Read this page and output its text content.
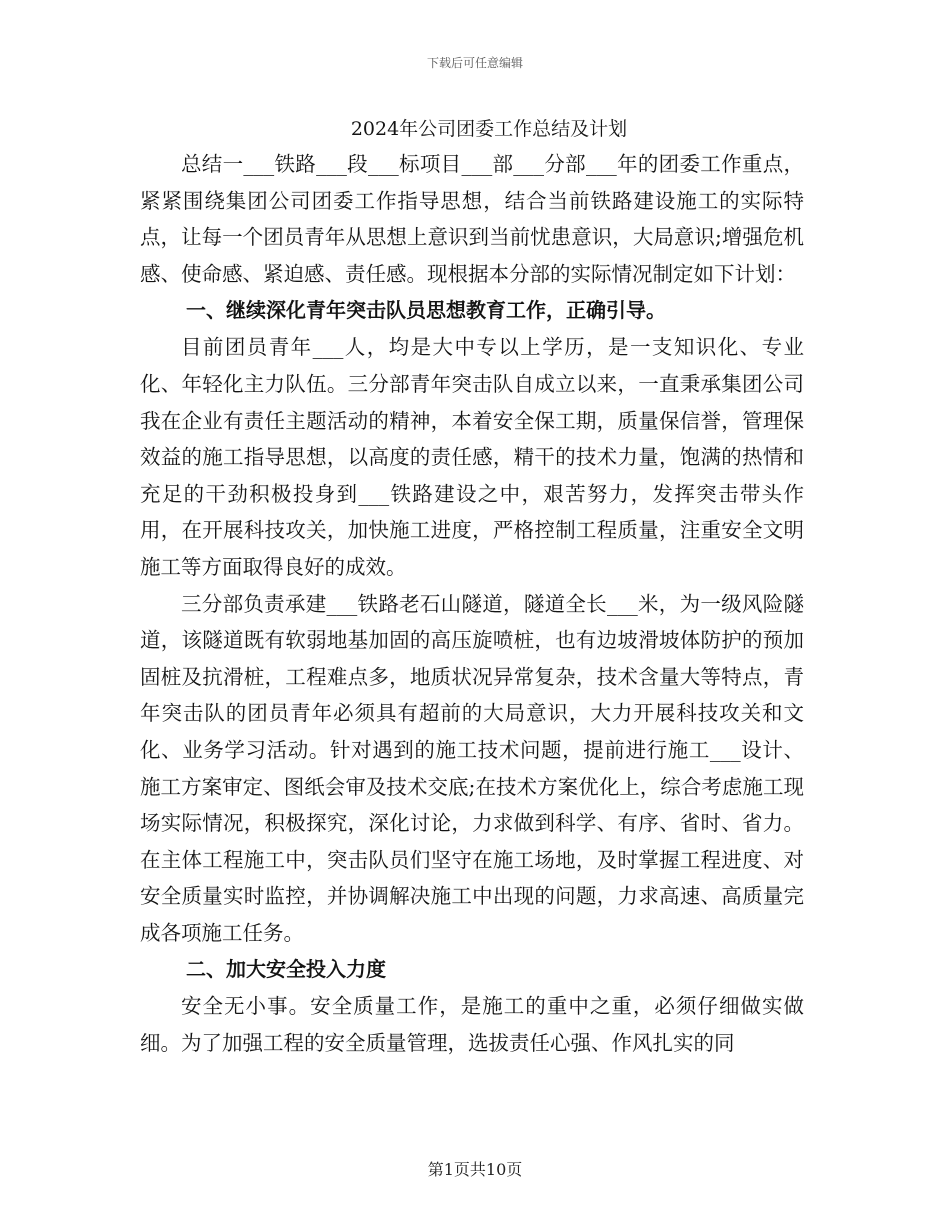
下载后可任意编辑
2024年公司团委工作总结及计划

总结一___铁路___段___标项目___部___分部___年的团委工作重点，紧紧围绕集团公司团委工作指导思想，结合当前铁路建设施工的实际特点，让每一个团员青年从思想上意识到当前忧患意识，大局意识;增强危机感、使命感、紧迫感、责任感。现根据本分部的实际情况制定如下计划：

一、继续深化青年突击队员思想教育工作，正确引导。

目前团员青年___人，均是大中专以上学历，是一支知识化、专业化、年轻化主力队伍。三分部青年突击队自成立以来，一直秉承集团公司我在企业有责任主题活动的精神，本着安全保工期，质量保信誉，管理保效益的施工指导思想，以高度的责任感，精干的技术力量，饱满的热情和充足的干劲积极投身到___铁路建设之中，艰苦努力，发挥突击带头作用，在开展科技攻关，加快施工进度，严格控制工程质量，注重安全文明施工等方面取得良好的成效。

三分部负责承建___铁路老石山隧道，隧道全长___米，为一级风险隧道，该隧道既有软弱地基加固的高压旋喷桩，也有边坡滑坡体防护的预加固桩及抗滑桩，工程难点多，地质状况异常复杂，技术含量大等特点，青年突击队的团员青年必须具有超前的大局意识，大力开展科技攻关和文化、业务学习活动。针对遇到的施工技术问题，提前进行施工___设计、施工方案审定、图纸会审及技术交底;在技术方案优化上，综合考虑施工现场实际情况，积极探究，深化讨论，力求做到科学、有序、省时、省力。在主体工程施工中，突击队员们坚守在施工场地，及时掌握工程进度、对安全质量实时监控，并协调解决施工中出现的问题，力求高速、高质量完成各项施工任务。

二、加大安全投入力度

安全无小事。安全质量工作，是施工的重中之重，必须仔细做实做细。为了加强工程的安全质量管理，选拔责任心强、作风扎实的同

第1页共10页
